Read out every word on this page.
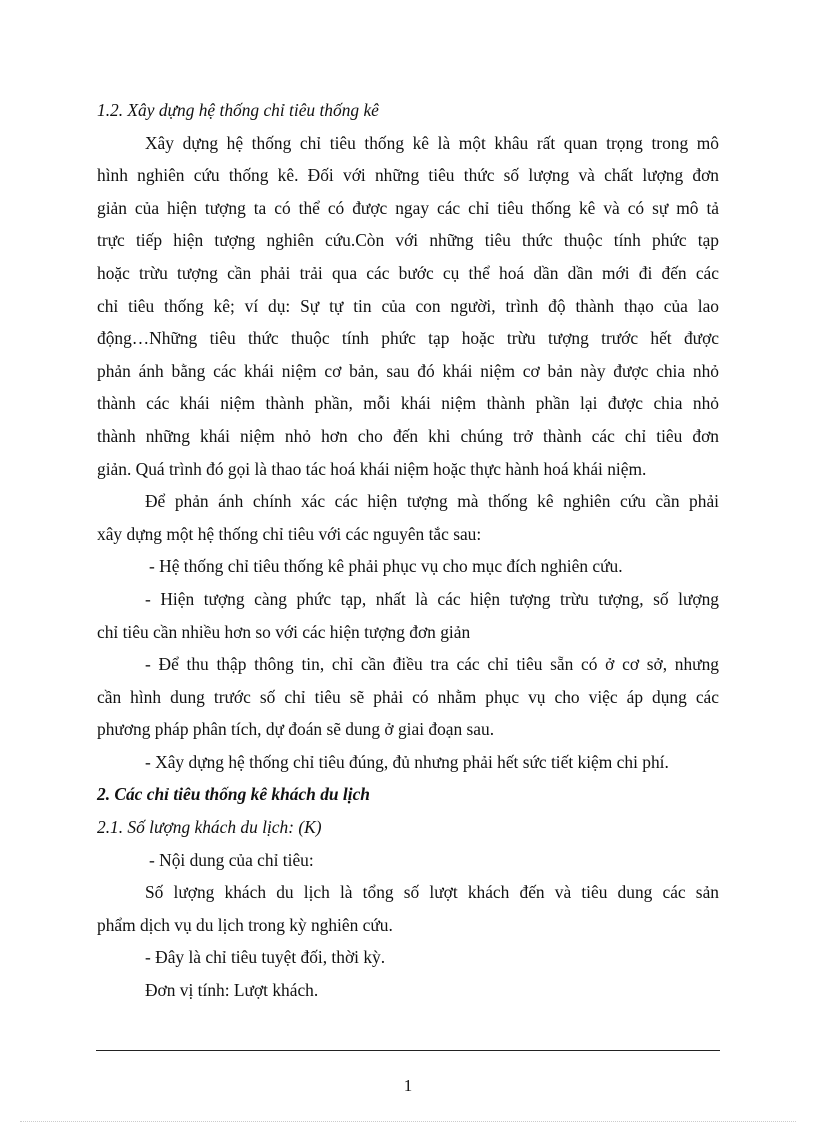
1.2. Xây dựng hệ thống chỉ tiêu thống kê
Xây dựng hệ thống chỉ tiêu thống kê là một khâu rất quan trọng trong mô
hình nghiên cứu thống kê. Đối với những tiêu thức số lượng và chất lượng đơn
giản của hiện tượng ta có thể có được ngay các chỉ tiêu thống kê và có sự mô tả
trực tiếp hiện tượng nghiên cứu.Còn với những tiêu thức thuộc tính phức tạp
hoặc trừu tượng cần phải trải qua các bước cụ thể hoá dần dần mới đi đến các
chỉ tiêu thống kê; ví dụ: Sự tự tin của con người, trình độ thành thạo của lao
động…Những tiêu thức thuộc tính phức tạp hoặc trừu tượng trước hết được
phản ánh bằng các khái niệm cơ bản, sau đó khái niệm cơ bản này được chia nhỏ
thành các khái niệm thành phần, mỗi khái niệm thành phần lại được chia nhỏ
thành những khái niệm nhỏ hơn cho đến khi chúng trở thành các chỉ tiêu đơn
giản. Quá trình đó gọi là thao tác hoá khái niệm hoặc thực hành hoá khái niệm.
Để phản ánh chính xác các hiện tượng mà thống kê nghiên cứu cần phải
xây dựng một hệ thống chỉ tiêu với các nguyên tắc sau:
- Hệ thống chỉ tiêu thống kê phải phục vụ cho mục đích nghiên cứu.
- Hiện tượng càng phức tạp, nhất là các hiện tượng trừu tượng, số lượng
chỉ tiêu cần nhiều hơn so với các hiện tượng đơn giản
- Để thu thập thông tin, chỉ cần điều tra các chỉ tiêu sẵn có ở cơ sở, nhưng
cần hình dung trước số chỉ tiêu sẽ phải có nhằm phục vụ cho việc áp dụng các
phương pháp phân tích, dự đoán sẽ dung ở giai đoạn sau.
- Xây dựng hệ thống chỉ tiêu đúng, đủ nhưng phải hết sức tiết kiệm chi phí.
2. Các chỉ tiêu thống kê khách du lịch
2.1. Số lượng khách du lịch: (K)
- Nội dung của chỉ tiêu:
Số lượng khách du lịch là tổng số lượt khách đến và tiêu dung các sản
phẩm dịch vụ du lịch trong kỳ nghiên cứu.
- Đây là chỉ tiêu tuyệt đối, thời kỳ.
Đơn vị tính: Lượt khách.
1
